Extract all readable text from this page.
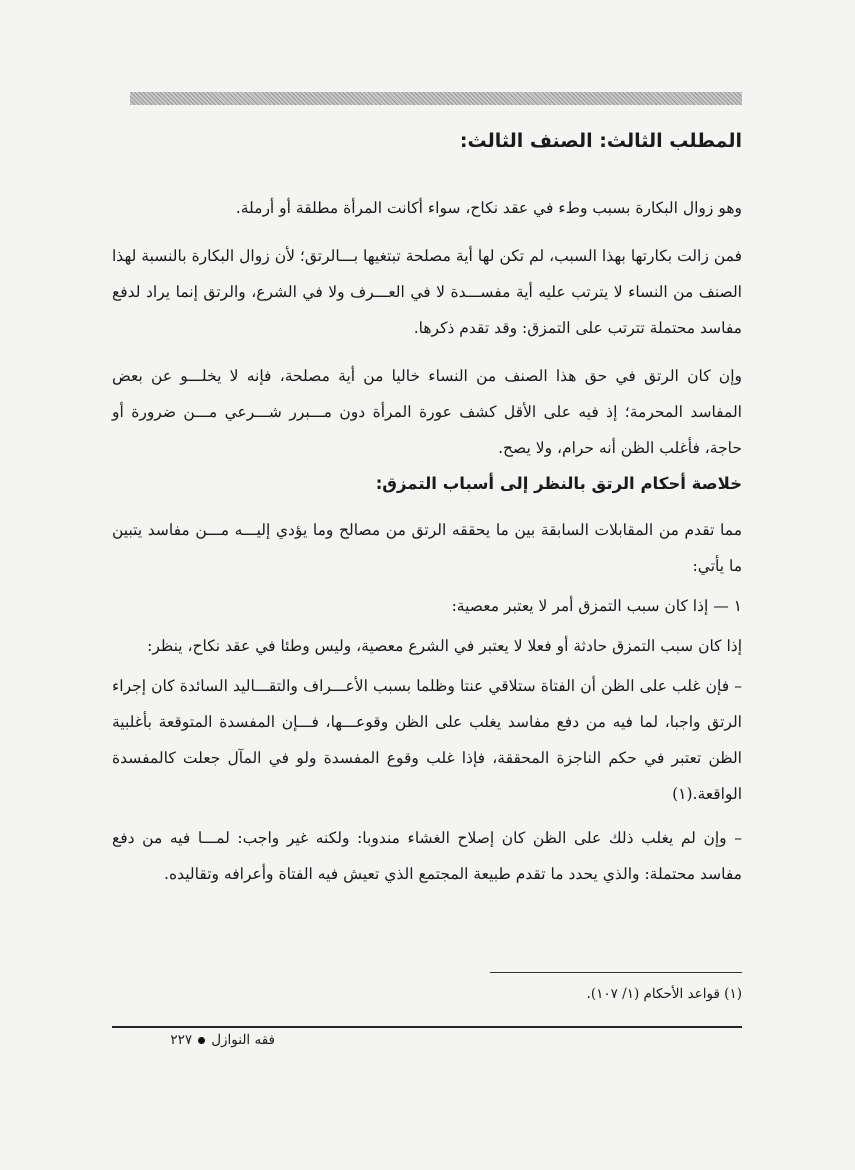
المطلب الثالث: الصنف الثالث:

وهو زوال البكارة بسبب وطء في عقد نكاح، سواء أكانت المرأة مطلقة أو أرملة.

فمن زالت بكارتها بهذا السبب، لم تكن لها أية مصلحة تبتغيها بـــالرتق؛ لأن زوال البكارة بالنسبة لهذا الصنف من النساء لا يترتب عليه أية مفســـدة لا في العـــرف ولا في الشرع، والرتق إنما يراد لدفع مفاسد محتملة تترتب على التمزق: وقد تقدم ذكرها.

وإن كان الرتق في حق هذا الصنف من النساء خاليا من أية مصلحة، فإنه لا يخلـــو عن بعض المفاسد المحرمة؛ إذ فيه على الأقل كشف عورة المرأة دون مـــبرر شـــرعي مـــن ضرورة أو حاجة، فأغلب الظن أنه حرام، ولا يصح.

خلاصة أحكام الرتق بالنظر إلى أسباب التمزق:

مما تقدم من المقابلات السابقة بين ما يحققه الرتق من مصالح وما يؤدي إليـــه مـــن مفاسد يتبين ما يأتي:

١ — إذا كان سبب التمزق أمر لا يعتبر معصية:

إذا كان سبب التمزق حادثة أو فعلا لا يعتبر في الشرع معصية، وليس وطئا في عقد نكاح، ينظر:

– فإن غلب على الظن أن الفتاة ستلاقي عنتا وظلما بسبب الأعـــراف والتقـــاليد السائدة كان إجراء الرتق واجبا، لما فيه من دفع مفاسد يغلب على الظن وقوعـــها، فـــإن المفسدة المتوقعة بأغلبية الظن تعتبر في حكم الناجزة المحققة، فإذا غلب وقوع المفسدة ولو في المآل جعلت كالمفسدة الواقعة.(١)

– وإن لم يغلب ذلك على الظن كان إصلاح الغشاء مندوبا: ولكنه غير واجب: لمـــا فيه من دفع مفاسد محتملة: والذي يحدد ما تقدم طبيعة المجتمع الذي تعيش فيه الفتاة وأعرافه وتقاليده.

(١) قواعد الأحكام (١/ ١٠٧).
فقه النوازل٢٢٧
